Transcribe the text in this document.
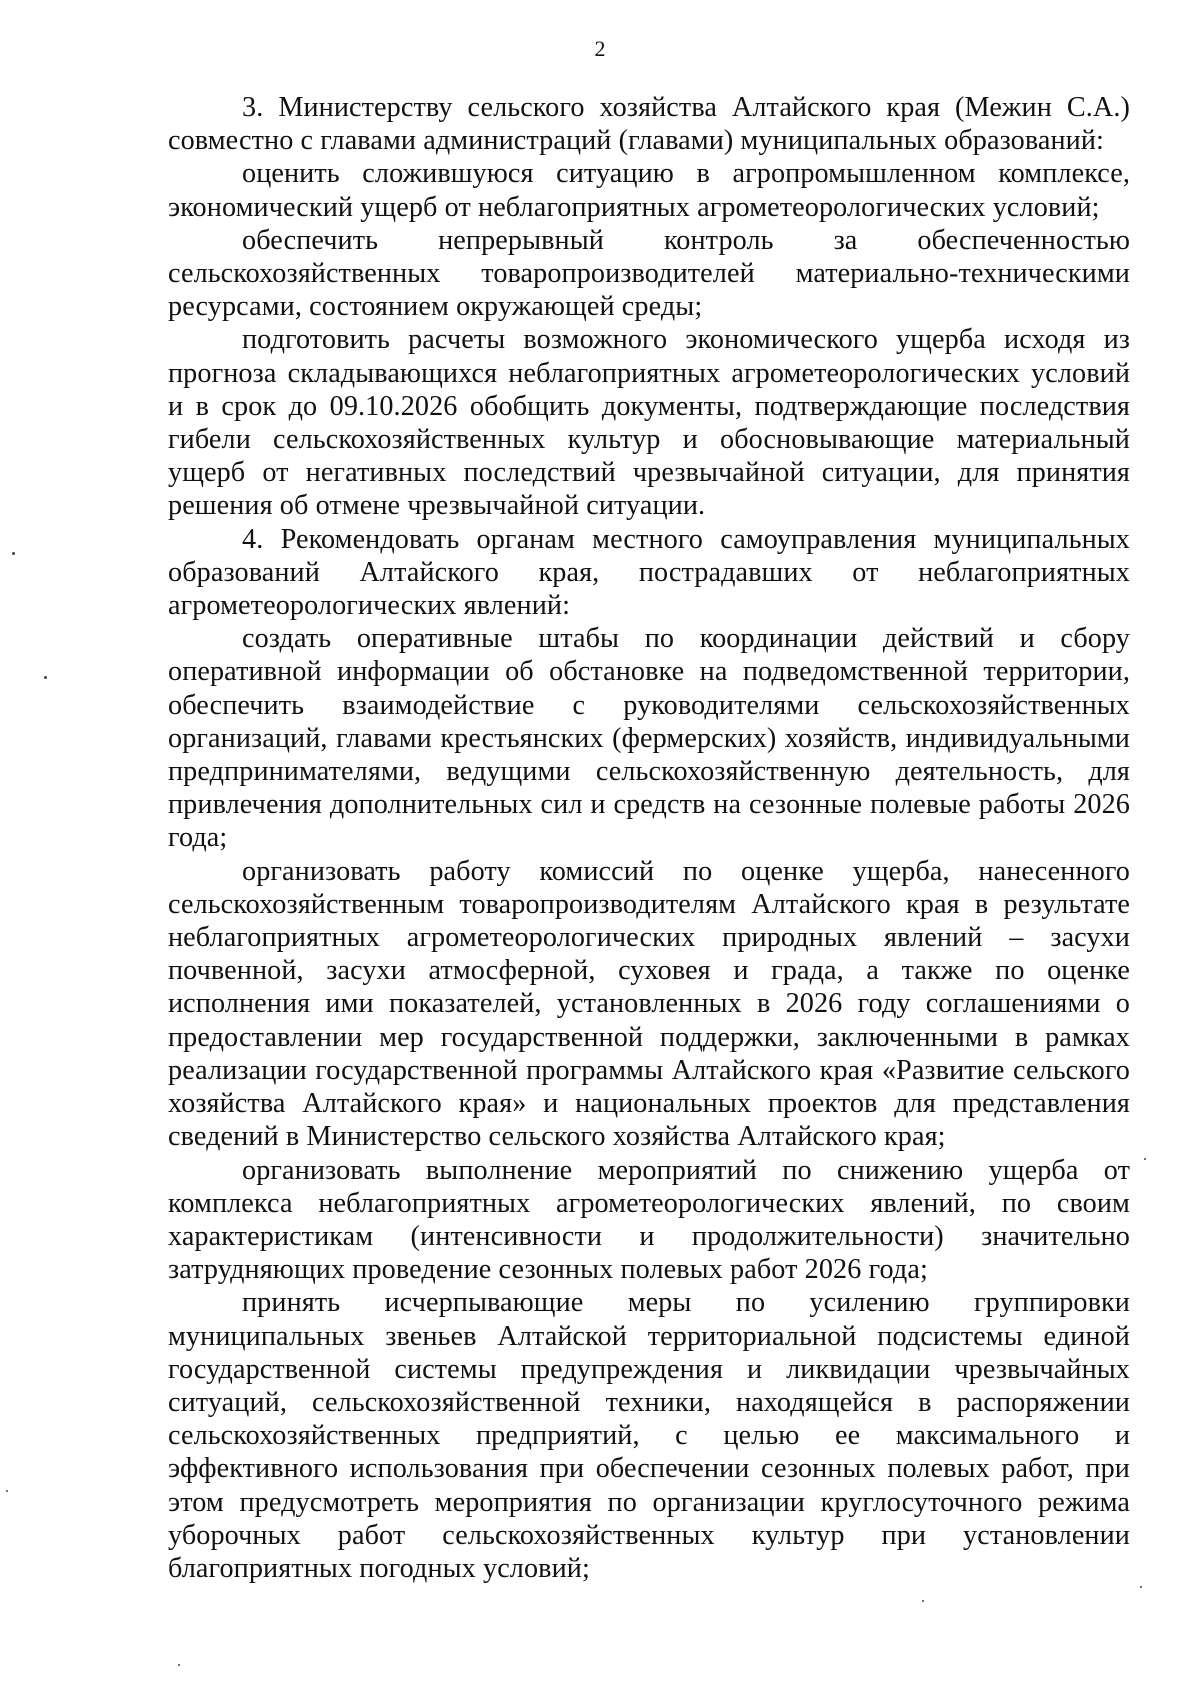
2

3. Министерству сельского хозяйства Алтайского края (Межин С.А.) совместно с главами администраций (главами) муниципальных образований:

оценить сложившуюся ситуацию в агропромышленном комплексе, экономический ущерб от неблагоприятных агрометеорологических условий;

обеспечить непрерывный контроль за обеспеченностью сельскохозяйственных товаропроизводителей материально-техническими ресурсами, состоянием окружающей среды;

подготовить расчеты возможного экономического ущерба исходя из прогноза складывающихся неблагоприятных агрометеорологических условий и в срок до 09.10.2026 обобщить документы, подтверждающие последствия гибели сельскохозяйственных культур и обосновывающие материальный ущерб от негативных последствий чрезвычайной ситуации, для принятия решения об отмене чрезвычайной ситуации.

4. Рекомендовать органам местного самоуправления муниципальных образований Алтайского края, пострадавших от неблагоприятных агрометеорологических явлений:

создать оперативные штабы по координации действий и сбору оперативной информации об обстановке на подведомственной территории, обеспечить взаимодействие с руководителями сельскохозяйственных организаций, главами крестьянских (фермерских) хозяйств, индивидуальными предпринимателями, ведущими сельскохозяйственную деятельность, для привлечения дополнительных сил и средств на сезонные полевые работы 2026 года;

организовать работу комиссий по оценке ущерба, нанесенного сельскохозяйственным товаропроизводителям Алтайского края в результате неблагоприятных агрометеорологических природных явлений – засухи почвенной, засухи атмосферной, суховея и града, а также по оценке исполнения ими показателей, установленных в 2026 году соглашениями о предоставлении мер государственной поддержки, заключенными в рамках реализации государственной программы Алтайского края «Развитие сельского хозяйства Алтайского края» и национальных проектов для представления сведений в Министерство сельского хозяйства Алтайского края;

организовать выполнение мероприятий по снижению ущерба от комплекса неблагоприятных агрометеорологических явлений, по своим характеристикам (интенсивности и продолжительности) значительно затрудняющих проведение сезонных полевых работ 2026 года;

принять исчерпывающие меры по усилению группировки муниципальных звеньев Алтайской территориальной подсистемы единой государственной системы предупреждения и ликвидации чрезвычайных ситуаций, сельскохозяйственной техники, находящейся в распоряжении сельскохозяйственных предприятий, с целью ее максимального и эффективного использования при обеспечении сезонных полевых работ, при этом предусмотреть мероприятия по организации круглосуточного режима уборочных работ сельскохозяйственных культур при установлении благоприятных погодных условий;
